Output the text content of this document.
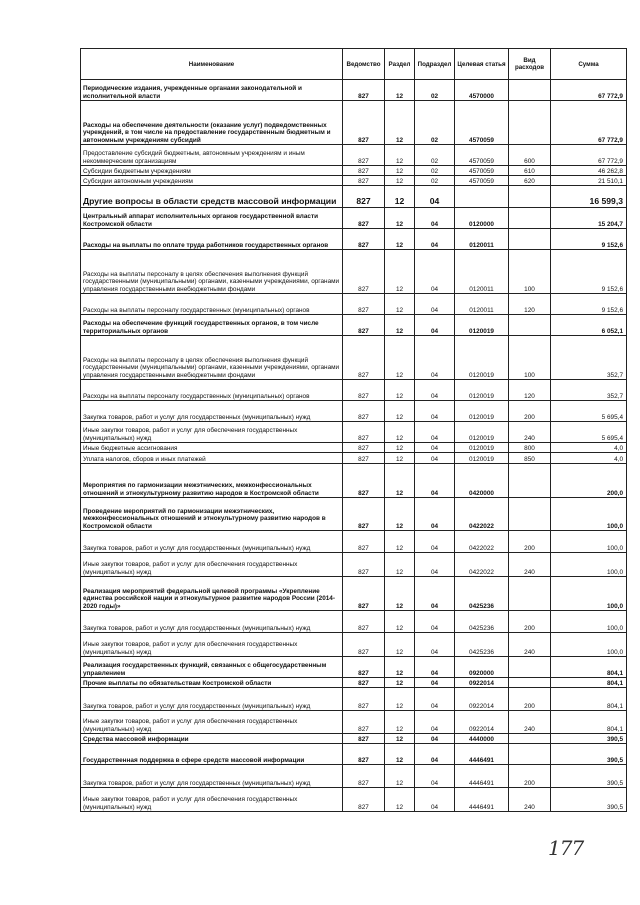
Наименование	Ведомство	Раздел	Подраздел	Целевая статья	Вид расходов	Сумма
Периодические издания, учрежденные органами законодательной и исполнительной власти	827	12	02	4570000		67 772,9
Расходы на обеспечение деятельности (оказание услуг) подведомственных учреждений, в том числе на предоставление государственным бюджетным и автономным учреждениям субсидий	827	12	02	4570059		67 772,9
Предоставление субсидий бюджетным, автономным учреждениям и иным некоммерческим организациям	827	12	02	4570059	600	67 772,9
Субсидии бюджетным учреждениям	827	12	02	4570059	610	46 262,8
Субсидии автономным учреждениям	827	12	02	4570059	620	21 510,1
Другие вопросы в области средств массовой информации	827	12	04			16 599,3
Центральный аппарат исполнительных органов государственной власти Костромской области	827	12	04	0120000		15 204,7
Расходы на выплаты по оплате труда работников государственных органов	827	12	04	0120011		9 152,6
Расходы на выплаты персоналу в целях обеспечения выполнения функций государственными (муниципальными) органами, казенными учреждениями, органами управления государственными внебюджетными фондами	827	12	04	0120011	100	9 152,6
Расходы на выплаты персоналу государственных (муниципальных) органов	827	12	04	0120011	120	9 152,6
Расходы на обеспечение функций государственных органов, в том числе территориальных органов	827	12	04	0120019		6 052,1
Расходы на выплаты персоналу в целях обеспечения выполнения функций государственными (муниципальными) органами, казенными учреждениями, органами управления государственными внебюджетными фондами	827	12	04	0120019	100	352,7
Расходы на выплаты персоналу государственных (муниципальных) органов	827	12	04	0120019	120	352,7
Закупка товаров, работ и услуг для государственных (муниципальных) нужд	827	12	04	0120019	200	5 695,4
Иные закупки товаров, работ и услуг для обеспечения государственных (муниципальных) нужд	827	12	04	0120019	240	5 695,4
Иные бюджетные ассигнования	827	12	04	0120019	800	4,0
Уплата налогов, сборов и иных платежей	827	12	04	0120019	850	4,0
Мероприятия по гармонизации межэтнических, межконфессиональных отношений и этнокультурному развитию народов в Костромской области	827	12	04	0420000		200,0
Проведение мероприятий по гармонизации межэтнических, межконфессиональных отношений и этнокультурному развитию народов в Костромской области	827	12	04	0422022		100,0
Закупка товаров, работ и услуг для государственных (муниципальных) нужд	827	12	04	0422022	200	100,0
Иные закупки товаров, работ и услуг для обеспечения государственных (муниципальных) нужд	827	12	04	0422022	240	100,0
Реализация мероприятий федеральной целевой программы «Укрепление единства российской нации и этнокультурное развитие народов России (2014-2020 годы)»	827	12	04	0425236		100,0
Закупка товаров, работ и услуг для государственных (муниципальных) нужд	827	12	04	0425236	200	100,0
Иные закупки товаров, работ и услуг для обеспечения государственных (муниципальных) нужд	827	12	04	0425236	240	100,0
Реализация государственных функций, связанных с общегосударственным управлением	827	12	04	0920000		804,1
Прочие выплаты по обязательствам Костромской области	827	12	04	0922014		804,1
Закупка товаров, работ и услуг для государственных (муниципальных) нужд	827	12	04	0922014	200	804,1
Иные закупки товаров, работ и услуг для обеспечения государственных (муниципальных) нужд	827	12	04	0922014	240	804,1
Средства массовой информации	827	12	04	4440000		390,5
Государственная поддержка в сфере средств массовой информации	827	12	04	4446491		390,5
Закупка товаров, работ и услуг для государственных (муниципальных) нужд	827	12	04	4446491	200	390,5
Иные закупки товаров, работ и услуг для обеспечения государственных (муниципальных) нужд	827	12	04	4446491	240	390,5
177
